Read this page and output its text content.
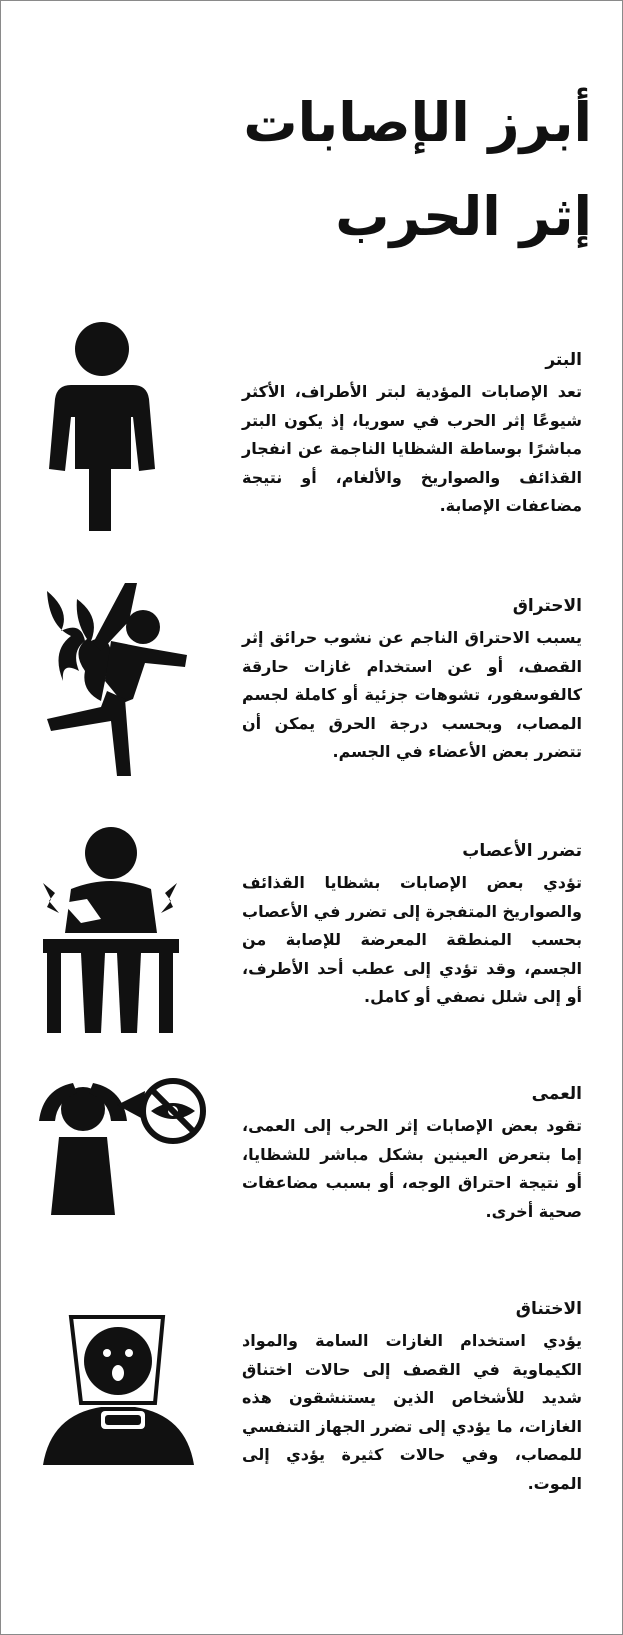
أبرز الإصابات
إثر الحرب
البتر

تعد الإصابات المؤدية لبتر الأطراف، الأكثر شيوعًا إثر الحرب في سوريا، إذ يكون البتر مباشرًا بوساطة الشظايا الناجمة عن انفجار القذائف والصواريخ والألغام، أو نتيجة مضاعفات الإصابة.

الاحتراق

يسبب الاحتراق الناجم عن نشوب حرائق إثر القصف، أو عن استخدام غازات حارقة كالفوسفور، تشوهات جزئية أو كاملة لجسم المصاب، وبحسب درجة الحرق يمكن أن تتضرر بعض الأعضاء في الجسم.

تضرر الأعصاب

تؤدي بعض الإصابات بشظايا القذائف والصواريخ المتفجرة إلى تضرر في الأعصاب بحسب المنطقة المعرضة للإصابة من الجسم، وقد تؤدي إلى عطب أحد الأطرف، أو إلى شلل نصفي أو كامل.

العمى

تقود بعض الإصابات إثر الحرب إلى العمى، إما بتعرض العينين بشكل مباشر للشظايا، أو نتيجة احتراق الوجه، أو بسبب مضاعفات صحية أخرى.

الاختناق

يؤدي استخدام الغازات السامة والمواد الكيماوية في القصف إلى حالات اختناق شديد للأشخاص الذين يستنشقون هذه الغازات، ما يؤدي إلى تضرر الجهاز التنفسي للمصاب، وفي حالات كثيرة يؤدي إلى الموت.
